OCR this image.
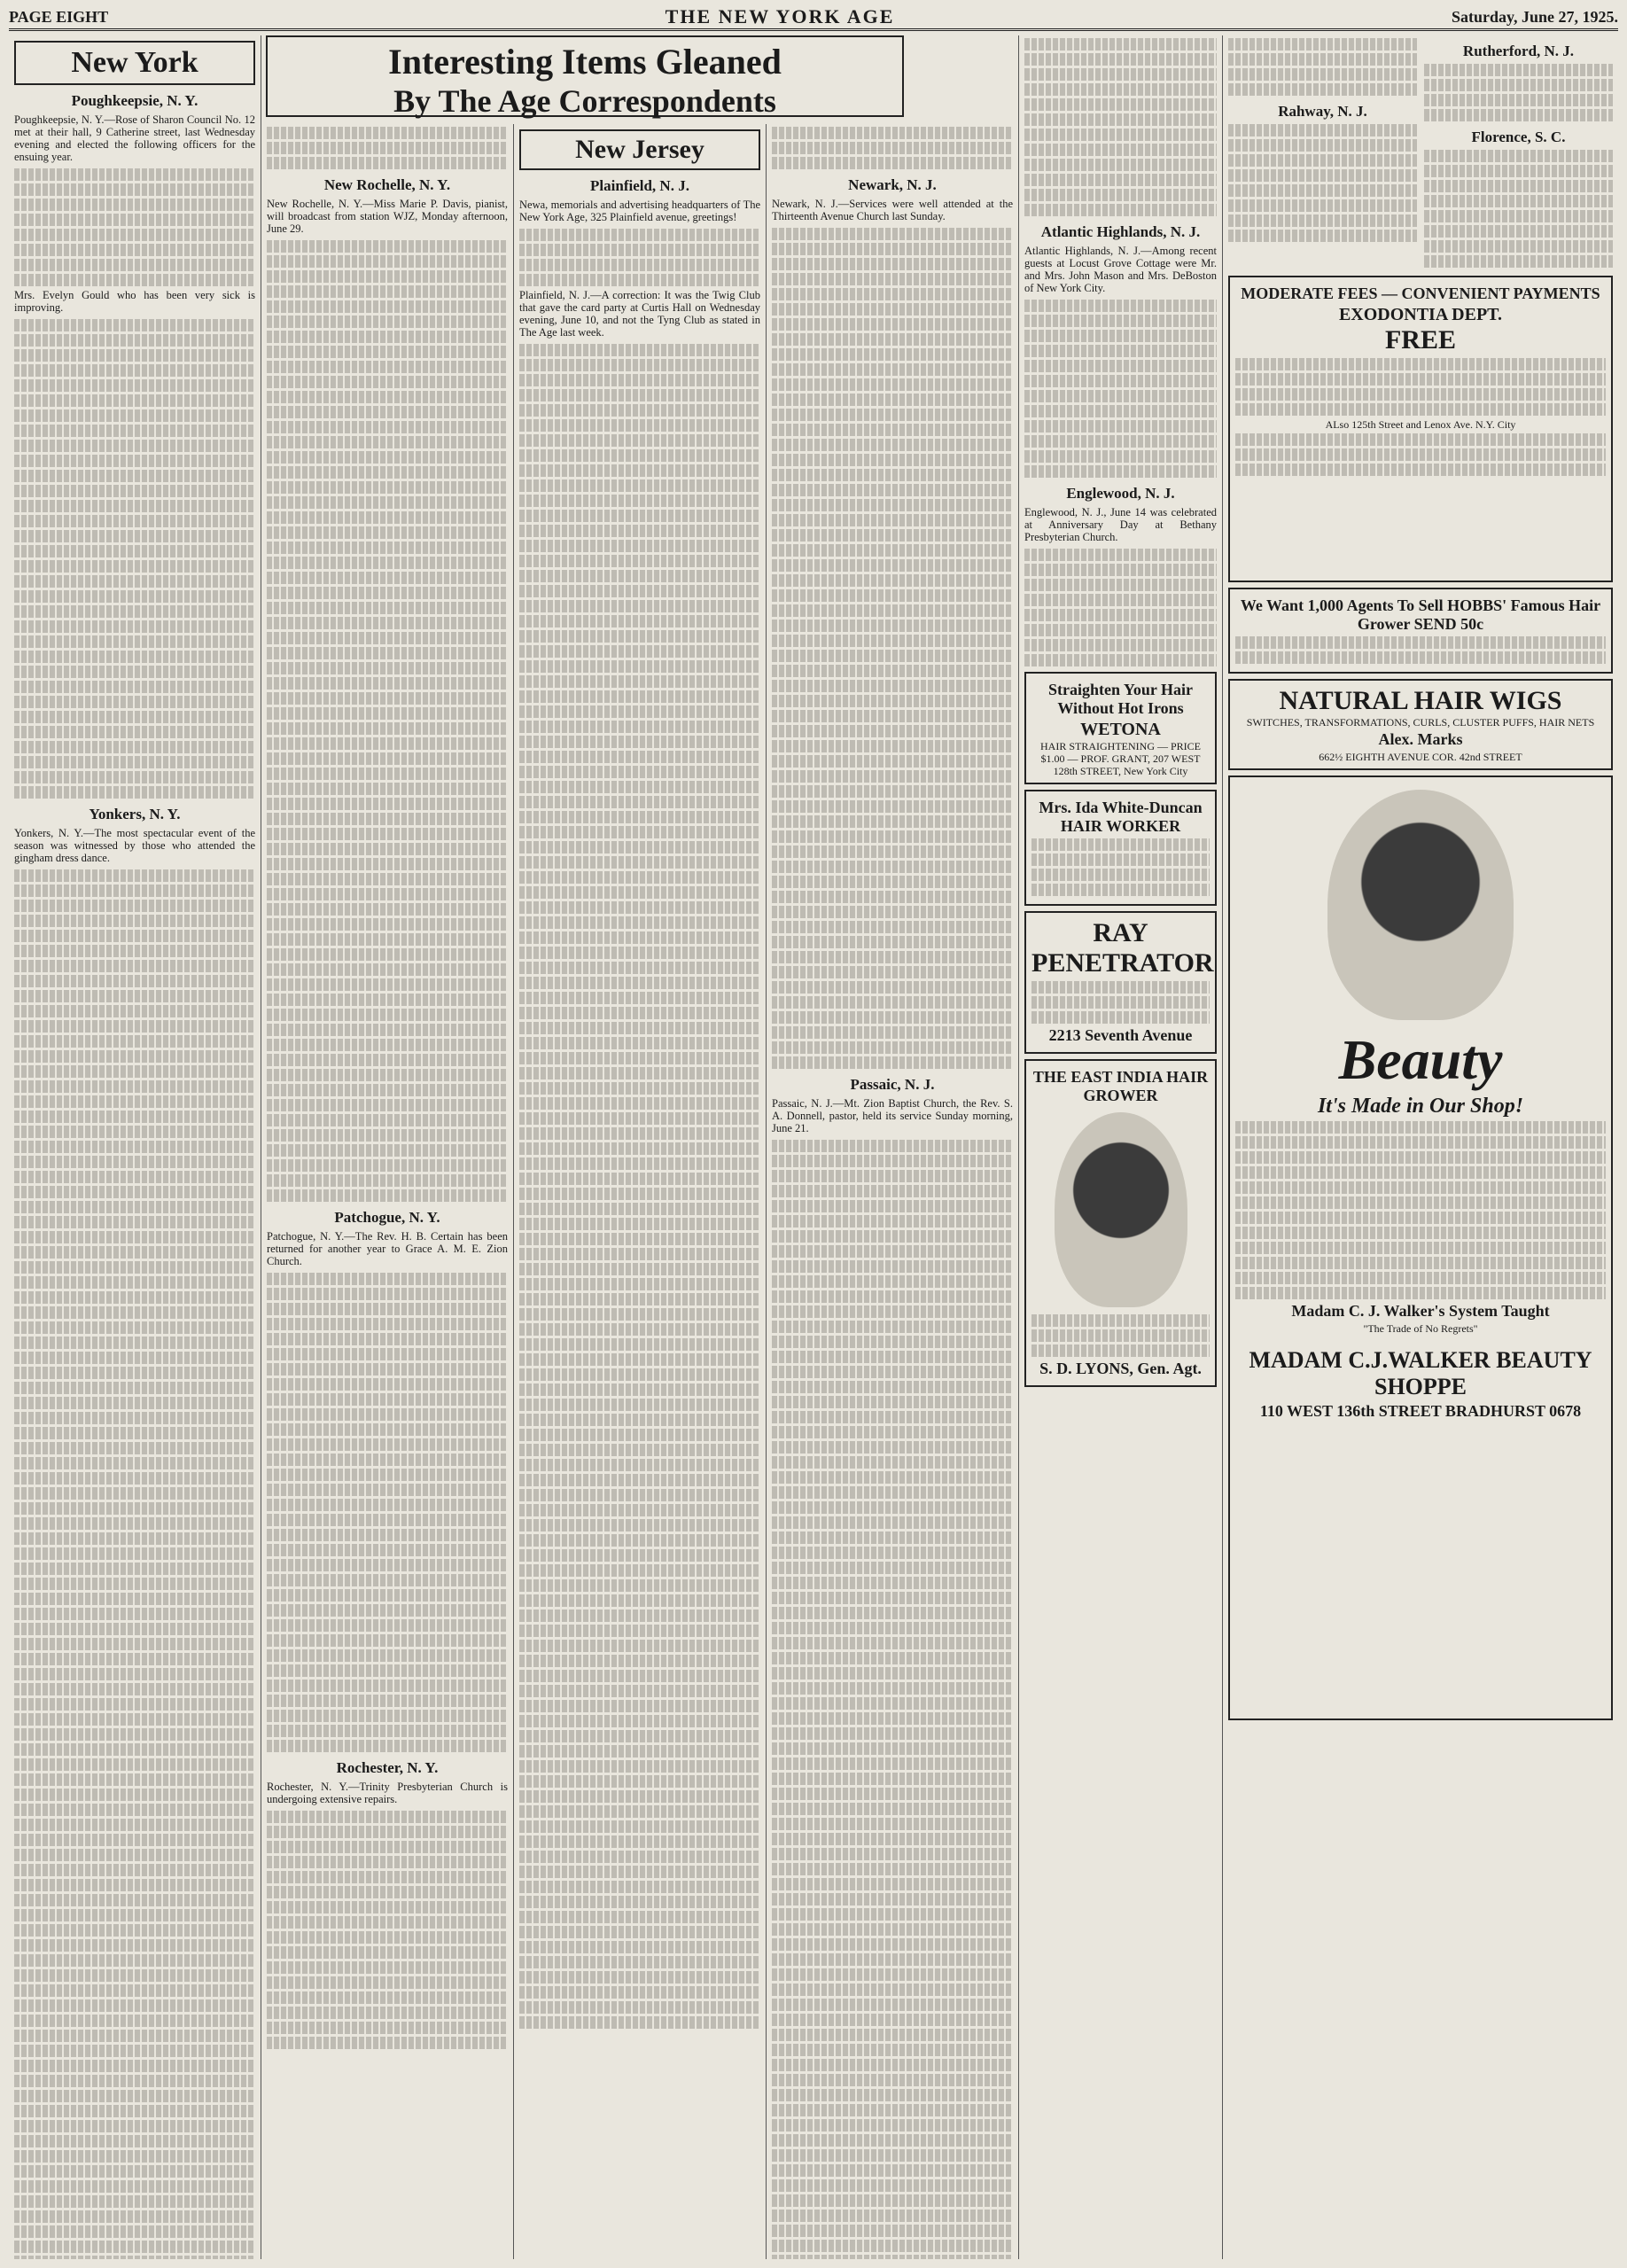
PAGE EIGHT	THE NEW YORK AGE	Saturday, June 27, 1925.
Interesting Items Gleaned
By The Age Correspondents
New York
Poughkeepsie, N. Y.

Poughkeepsie, N. Y.—Rose of Sharon Council No. 12 met at their hall, 9 Catherine street, last Wednesday evening and elected the following officers for the ensuing year.

Mrs. Evelyn Gould who has been very sick is improving.

Yonkers, N. Y.

Yonkers, N. Y.—The most spectacular event of the season was witnessed by those who attended the gingham dress dance.

New Rochelle, N. Y.

New Rochelle, N. Y.—Miss Marie P. Davis, pianist, will broadcast from station WJZ, Monday afternoon, June 29.

Patchogue, N. Y.

Patchogue, N. Y.—The Rev. H. B. Certain has been returned for another year to Grace A. M. E. Zion Church.

Rochester, N. Y.

Rochester, N. Y.—Trinity Presbyterian Church is undergoing extensive repairs.

New Jersey
Plainfield, N. J.

Newa, memorials and advertising headquarters of The New York Age, 325 Plainfield avenue, greetings!

Plainfield, N. J.—A correction: It was the Twig Club that gave the card party at Curtis Hall on Wednesday evening, June 10, and not the Tyng Club as stated in The Age last week.

Newark, N. J.

Newark, N. J.—Services were well attended at the Thirteenth Avenue Church last Sunday.

Passaic, N. J.

Passaic, N. J.—Mt. Zion Baptist Church, the Rev. S. A. Donnell, pastor, held its service Sunday morning, June 21.

Atlantic Highlands, N. J.

Atlantic Highlands, N. J.—Among recent guests at Locust Grove Cottage were Mr. and Mrs. John Mason and Mrs. DeBoston of New York City.

Englewood, N. J.

Englewood, N. J., June 14 was celebrated at Anniversary Day at Bethany Presbyterian Church.

Straighten Your Hair Without Hot Irons
WETONA
HAIR STRAIGHTENING — PRICE $1.00 — PROF. GRANT, 207 WEST 128th STREET, New York City
Mrs. Ida White-Duncan HAIR WORKER
RAY PENETRATOR
2213 Seventh Avenue
THE EAST INDIA HAIR GROWER
S. D. LYONS, Gen. Agt.
Rahway, N. J.
Rutherford, N. J.
Florence, S. C.
MODERATE FEES — CONVENIENT PAYMENTS
EXODONTIA DEPT.
FREE
ALso 125th Street and Lenox Ave. N.Y. City
We Want 1,000 Agents To Sell HOBBS' Famous Hair Grower SEND 50c
NATURAL HAIR WIGS
SWITCHES, TRANSFORMATIONS, CURLS, CLUSTER PUFFS, HAIR NETS
Alex. Marks
662½ EIGHTH AVENUE COR. 42nd STREET
Beauty
It's Made in Our Shop!
Madam C. J. Walker's System Taught
"The Trade of No Regrets"
MADAM C.J.WALKER BEAUTY SHOPPE
110 WEST 136th STREET BRADHURST 0678
